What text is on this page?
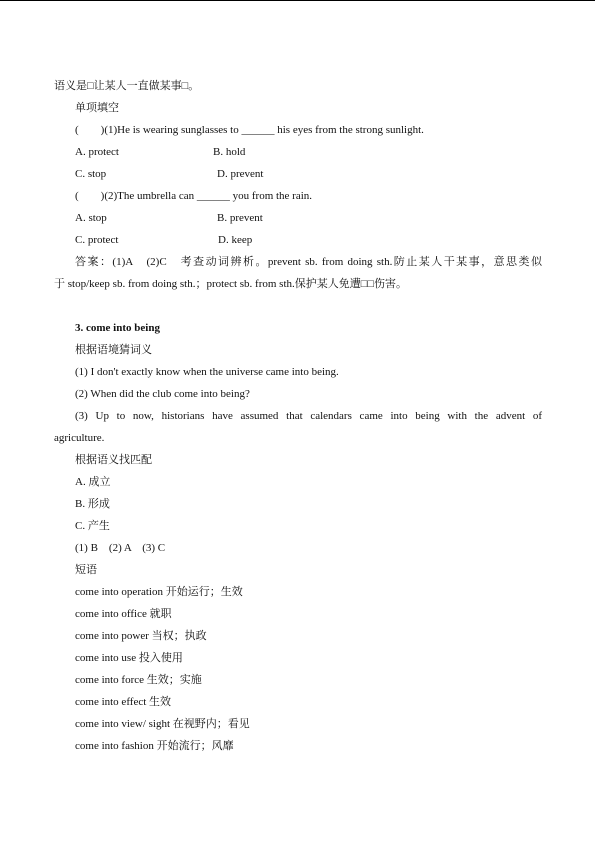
语义是□让某人一直做某事□。
单项填空
(　　)(1)He is wearing sunglasses to ______ his eyes from the strong sunlight.
A. protect	B. hold
C. stop	D. prevent
(　　)(2)The umbrella can ______ you from the rain.
A. stop	B. prevent
C. protect	D. keep
答案：(1)A　(2)C　考查动词辨析。prevent sb. from doing sth.防止某人干某事，意思类似
于 stop/keep sb. from doing sth.；protect sb. from sth.保护某人免遭□□伤害。
3. come into being
根据语境猜词义
(1) I don't exactly know when the universe came into being.
(2) When did the club come into being?
(3) Up to now, historians have assumed that calendars came into being with the advent of
agriculture.
根据语义找匹配
A. 成立
B. 形成
C. 产生
(1) B　(2) A　(3) C
短语
come into operation 开始运行；生效
come into office 就职
come into power 当权；执政
come into use 投入使用
come into force 生效；实施
come into effect 生效
come into view/ sight 在视野内；看见
come into fashion 开始流行；风靡
